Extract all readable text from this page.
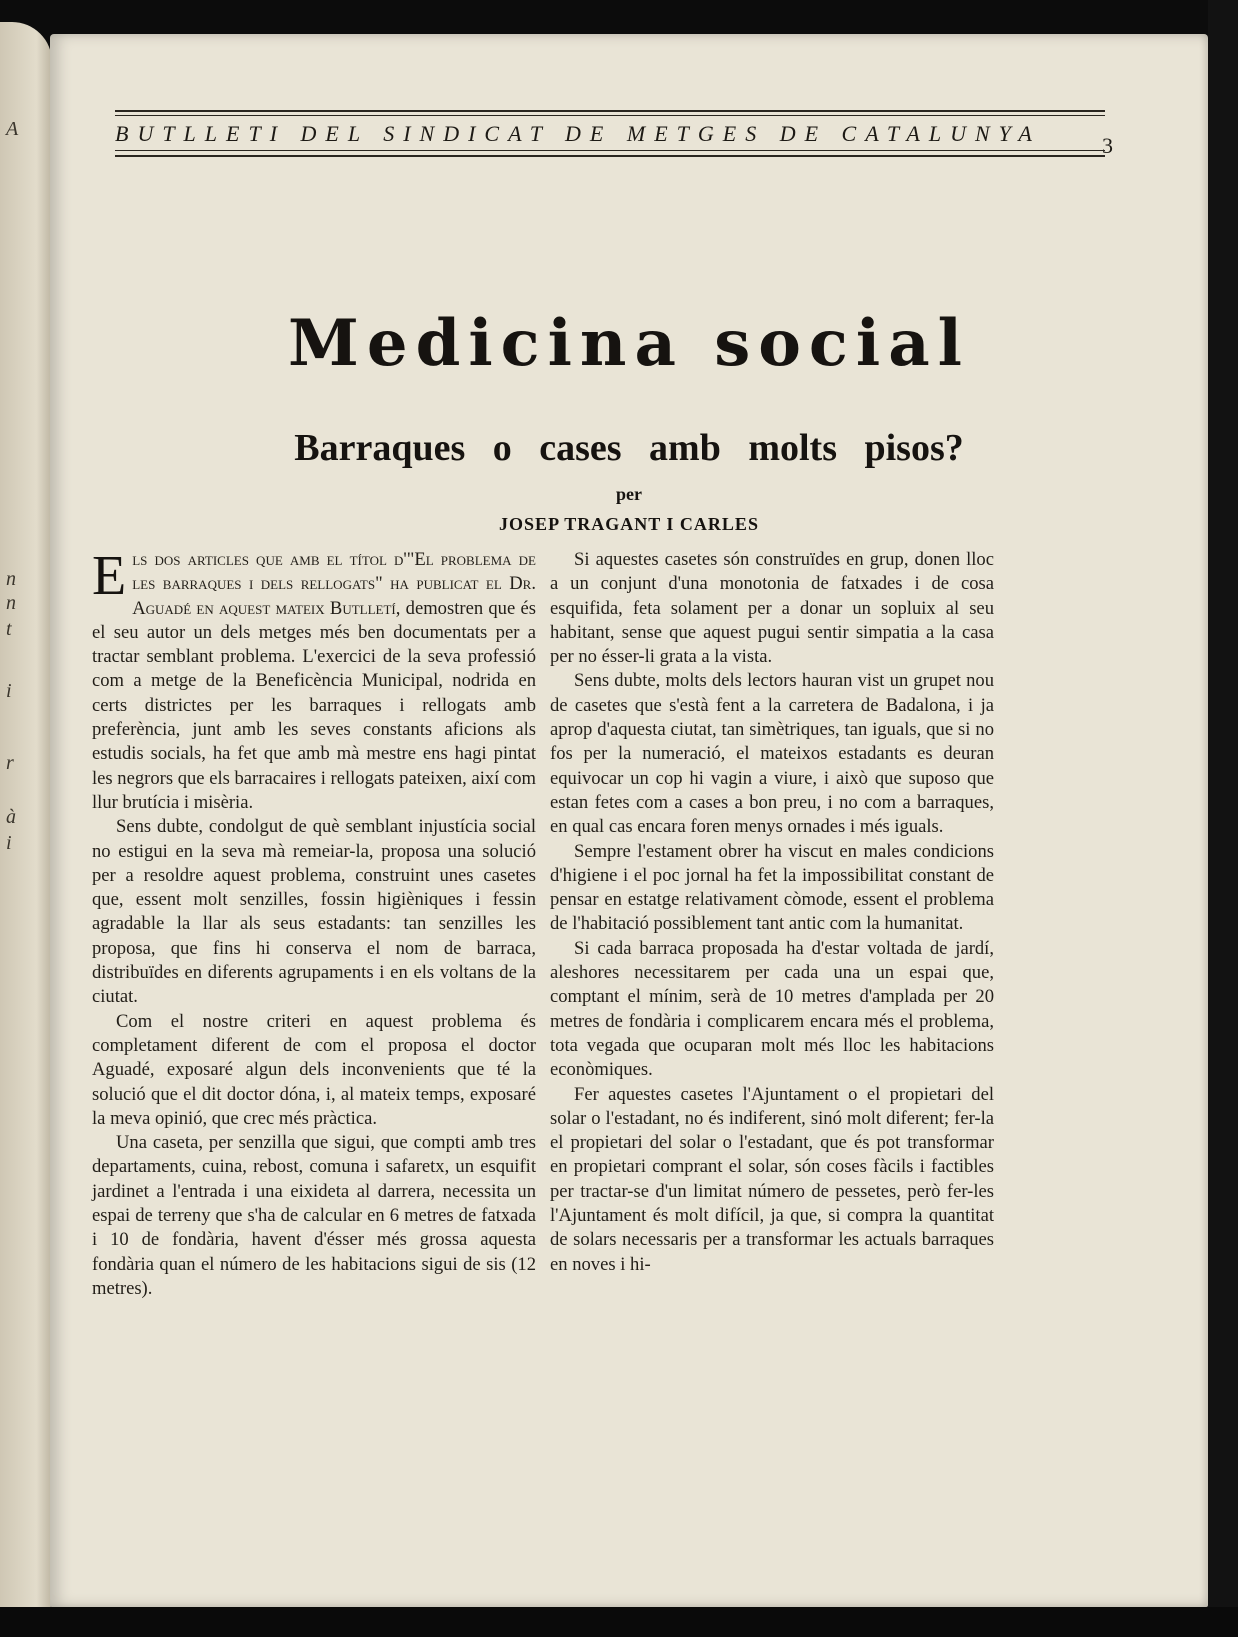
A
n
n
t
i
r
à
i
BUTLLETI DEL SINDICAT DE METGES DE CATALUNYA	3
Medicina social
Barraques o cases amb molts pisos?
per
JOSEP TRAGANT I CARLES

Els dos articles que amb el títol d'"El problema de les barraques i dels rellogats" ha publicat el Dr. Aguadé en aquest mateix Butlletí, demostren que és el seu autor un dels metges més ben documentats per a tractar semblant problema. L'exercici de la seva professió com a metge de la Beneficència Municipal, nodrida en certs districtes per les barraques i rellogats amb preferència, junt amb les seves constants aficions als estudis socials, ha fet que amb mà mestre ens hagi pintat les negrors que els barracaires i rellogats pateixen, així com llur brutícia i misèria.

Sens dubte, condolgut de què semblant injustícia social no estigui en la seva mà remeiar-la, proposa una solució per a resoldre aquest problema, construint unes casetes que, essent molt senzilles, fossin higièniques i fessin agradable la llar als seus estadants: tan senzilles les proposa, que fins hi conserva el nom de barraca, distribuïdes en diferents agrupaments i en els voltans de la ciutat.

Com el nostre criteri en aquest problema és completament diferent de com el proposa el doctor Aguadé, exposaré algun dels inconvenients que té la solució que el dit doctor dóna, i, al mateix temps, exposaré la meva opinió, que crec més pràctica.

Una caseta, per senzilla que sigui, que compti amb tres departaments, cuina, rebost, comuna i safaretx, un esquifit jardinet a l'entrada i una eixideta al darrera, necessita un espai de terreny que s'ha de calcular en 6 metres de fatxada i 10 de fondària, havent d'ésser més grossa aquesta fondària quan el número de les habitacions sigui de sis (12 metres).

Si aquestes casetes són construïdes en grup, donen lloc a un conjunt d'una monotonia de fatxades i de cosa esquifida, feta solament per a donar un sopluix al seu habitant, sense que aquest pugui sentir simpatia a la casa per no ésser-li grata a la vista.

Sens dubte, molts dels lectors hauran vist un grupet nou de casetes que s'està fent a la carretera de Badalona, i ja aprop d'aquesta ciutat, tan simètriques, tan iguals, que si no fos per la numeració, el mateixos estadants es deuran equivocar un cop hi vagin a viure, i això que suposo que estan fetes com a cases a bon preu, i no com a barraques, en qual cas encara foren menys ornades i més iguals.

Sempre l'estament obrer ha viscut en males condicions d'higiene i el poc jornal ha fet la impossibilitat constant de pensar en estatge relativament còmode, essent el problema de l'habitació possiblement tant antic com la humanitat.

Si cada barraca proposada ha d'estar voltada de jardí, aleshores necessitarem per cada una un espai que, comptant el mínim, serà de 10 metres d'amplada per 20 metres de fondària i complicarem encara més el problema, tota vegada que ocuparan molt més lloc les habitacions econòmiques.

Fer aquestes casetes l'Ajuntament o el propietari del solar o l'estadant, no és indiferent, sinó molt diferent; fer-la el propietari del solar o l'estadant, que és pot transformar en propietari comprant el solar, són coses fàcils i factibles per tractar-se d'un limitat número de pessetes, però fer-les l'Ajuntament és molt difícil, ja que, si compra la quantitat de solars necessaris per a transformar les actuals barraques en noves i hi-
